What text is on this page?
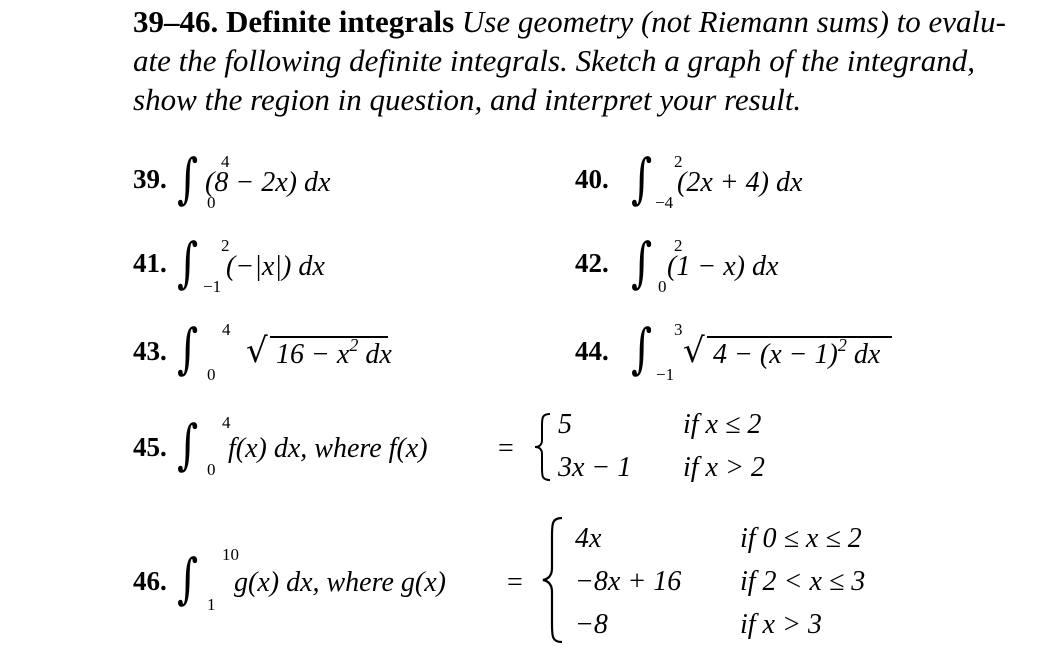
39–46. Definite integrals Use geometry (not Riemann sums) to evalu-
ate the following definite integrals. Sketch a graph of the integrand,
show the region in question, and interpret your result.
39. ∫ 4
0
(8 − 2x) dx	40. ∫ 2
−4
(2x + 4) dx
41. ∫ 2
−1
(−|x|) dx	42. ∫ 2
0
(1 − x) dx
43. ∫ 4
0
√ $16 - x^2$ dx	44. ∫ 3
−1
√ $4 - (x - 1)^2$ dx
45. ∫ 4
0
f(x) dx, where f(x)	=
5	if x ≤ 2
3x − 1 if x > 2
46. ∫ 10
1
g(x) dx, where g(x) =
4x	if 0 ≤ x ≤ 2
−8x + 16 if 2 < x ≤ 3
−8	if x > 3
